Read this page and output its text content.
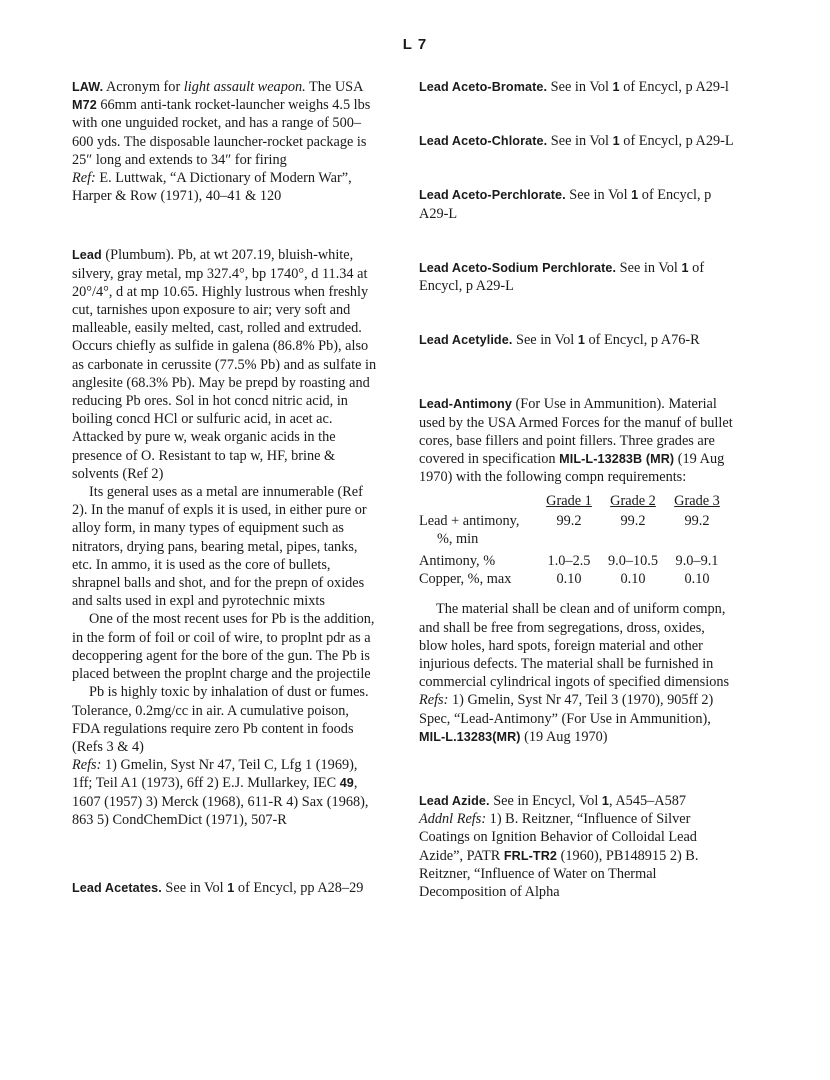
L 7

LAW. Acronym for light assault weapon. The USA M72 66mm anti-tank rocket-launcher weighs 4.5 lbs with one unguided rocket, and has a range of 500–600 yds. The disposable launcher-rocket package is 25″ long and extends to 34″ for firing

Ref: E. Luttwak, “A Dictionary of Modern War”, Harper & Row (1971), 40–41 & 120

Lead (Plumbum). Pb, at wt 207.19, bluish-white, silvery, gray metal, mp 327.4°, bp 1740°, d 11.34 at 20°/4°, d at mp 10.65. Highly lustrous when freshly cut, tarnishes upon exposure to air; very soft and malleable, easily melted, cast, rolled and extruded. Occurs chiefly as sulfide in galena (86.8% Pb), also as carbonate in cerussite (77.5% Pb) and as sulfate in anglesite (68.3% Pb). May be prepd by roasting and reducing Pb ores. Sol in hot concd nitric acid, in boiling concd HCl or sulfuric acid, in acet ac. Attacked by pure w, weak organic acids in the presence of O. Resistant to tap w, HF, brine & solvents (Ref 2)

Its general uses as a metal are innumerable (Ref 2). In the manuf of expls it is used, in either pure or alloy form, in many types of equipment such as nitrators, drying pans, bearing metal, pipes, tanks, etc. In ammo, it is used as the core of bullets, shrapnel balls and shot, and for the prepn of oxides and salts used in expl and pyrotechnic mixts

One of the most recent uses for Pb is the addition, in the form of foil or coil of wire, to proplnt pdr as a decoppering agent for the bore of the gun. The Pb is placed between the proplnt charge and the projectile

Pb is highly toxic by inhalation of dust or fumes. Tolerance, 0.2mg/cc in air. A cumulative poison, FDA regulations require zero Pb content in foods (Refs 3 & 4)

Refs: 1) Gmelin, Syst Nr 47, Teil C, Lfg 1 (1969), 1ff; Teil A1 (1973), 6ff 2) E.J. Mullarkey, IEC 49, 1607 (1957) 3) Merck (1968), 611-R 4) Sax (1968), 863 5) CondChemDict (1971), 507-R

Lead Acetates. See in Vol 1 of Encycl, pp A28–29

Lead Aceto-Bromate. See in Vol 1 of Encycl, p A29-l

Lead Aceto-Chlorate. See in Vol 1 of Encycl, p A29-L

Lead Aceto-Perchlorate. See in Vol 1 of Encycl, p A29-L

Lead Aceto-Sodium Perchlorate. See in Vol 1 of Encycl, p A29-L

Lead Acetylide. See in Vol 1 of Encycl, p A76-R

Lead-Antimony (For Use in Ammunition). Material used by the USA Armed Forces for the manuf of bullet cores, base fillers and point fillers. Three grades are covered in specification MIL-L-13283B (MR) (19 Aug 1970) with the following compn requirements:

	Grade 1	Grade 2	Grade 3
Lead + antimony,
%, min	99.2	99.2	99.2
Antimony, %	1.0–2.5	9.0–10.5	9.0–9.1
Copper, %, max	0.10	0.10	0.10

The material shall be clean and of uniform compn, and shall be free from segregations, dross, oxides, blow holes, hard spots, foreign material and other injurious defects. The material shall be furnished in commercial cylindrical ingots of specified dimensions

Refs: 1) Gmelin, Syst Nr 47, Teil 3 (1970), 905ff 2) Spec, “Lead-Antimony” (For Use in Ammunition), MIL-L.13283(MR) (19 Aug 1970)

Lead Azide. See in Encycl, Vol 1, A545–A587

Addnl Refs: 1) B. Reitzner, “Influence of Silver Coatings on Ignition Behavior of Colloidal Lead Azide”, PATR FRL-TR2 (1960), PB148915 2) B. Reitzner, “Influence of Water on Thermal Decomposition of Alpha
